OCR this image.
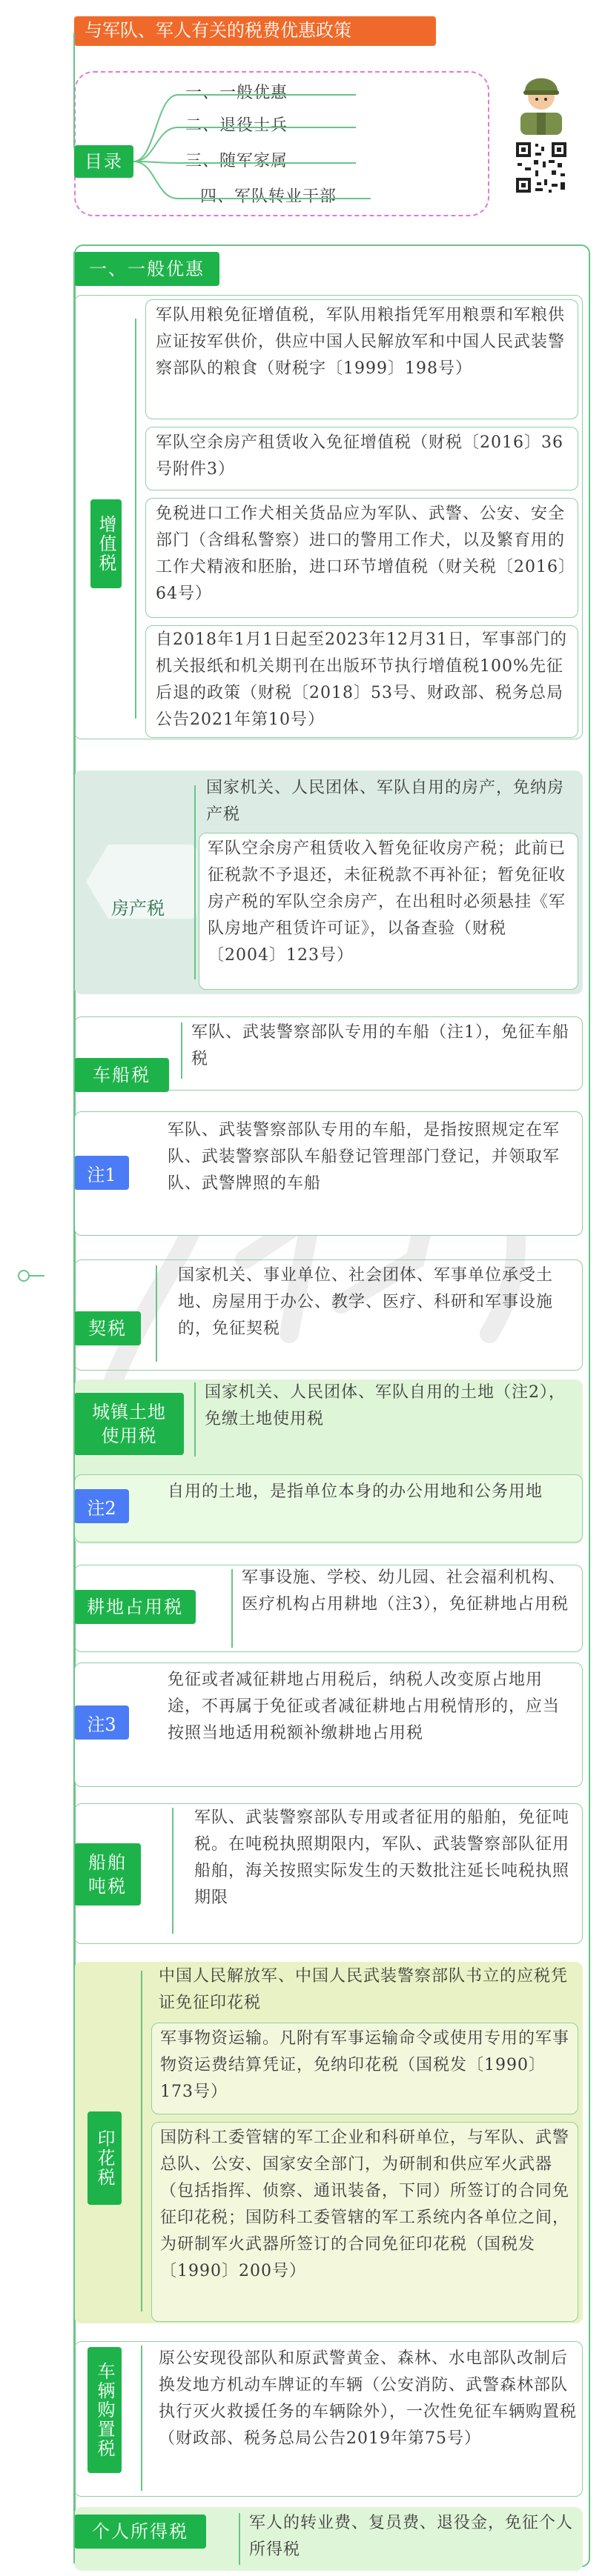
与军队、军人有关的税费优惠政策
目录
一、一般优惠
二、退役士兵
三、随军家属
四、军队转业干部
一、一般优惠
增值税
军队用粮免征增值税，军队用粮指凭军用粮票和军粮供应证按军供价，供应中国人民解放军和中国人民武装警察部队的粮食（财税字〔1999〕198号）
军队空余房产租赁收入免征增值税（财税〔2016〕36号附件3）
免税进口工作犬相关货品应为军队、武警、公安、安全部门（含缉私警察）进口的警用工作犬，以及繁育用的工作犬精液和胚胎，进口环节增值税（财关税〔2016〕64号）
自2018年1月1日起至2023年12月31日，军事部门的机关报纸和机关期刊在出版环节执行增值税100%先征后退的政策（财税〔2018〕53号、财政部、税务总局公告2021年第10号）
房产税
国家机关、人民团体、军队自用的房产，免纳房产税
军队空余房产租赁收入暂免征收房产税；此前已征税款不予退还，未征税款不再补征；暂免征收房产税的军队空余房产，在出租时必须悬挂《军队房地产租赁许可证》，以备查验（财税〔2004〕123号）
车船税
军队、武装警察部队专用的车船（注1），免征车船税
注1
军队、武装警察部队专用的车船，是指按照规定在军队、武装警察部队车船登记管理部门登记，并领取军队、武警牌照的车船
契税
国家机关、事业单位、社会团体、军事单位承受土地、房屋用于办公、教学、医疗、科研和军事设施的，免征契税
城镇土地使用税
国家机关、人民团体、军队自用的土地（注2），免缴土地使用税
注2
自用的土地，是指单位本身的办公用地和公务用地
耕地占用税
军事设施、学校、幼儿园、社会福利机构、医疗机构占用耕地（注3），免征耕地占用税
注3
免征或者减征耕地占用税后，纳税人改变原占地用途，不再属于免征或者减征耕地占用税情形的，应当按照当地适用税额补缴耕地占用税
船舶吨税
军队、武装警察部队专用或者征用的船舶，免征吨税。在吨税执照期限内，军队、武装警察部队征用船舶，海关按照实际发生的天数批注延长吨税执照期限
印花税
中国人民解放军、中国人民武装警察部队书立的应税凭证免征印花税
军事物资运输。凡附有军事运输命令或使用专用的军事物资运费结算凭证，免纳印花税（国税发〔1990〕173号）
国防科工委管辖的军工企业和科研单位，与军队、武警总队、公安、国家安全部门，为研制和供应军火武器（包括指挥、侦察、通讯装备，下同）所签订的合同免征印花税；国防科工委管辖的军工系统内各单位之间，为研制军火武器所签订的合同免征印花税（国税发〔1990〕200号）
车辆购置税
原公安现役部队和原武警黄金、森林、水电部队改制后换发地方机动车牌证的车辆（公安消防、武警森林部队执行灭火救援任务的车辆除外），一次性免征车辆购置税（财政部、税务总局公告2019年第75号）
个人所得税	军人的转业费、复员费、退役金，免征个人所得税
